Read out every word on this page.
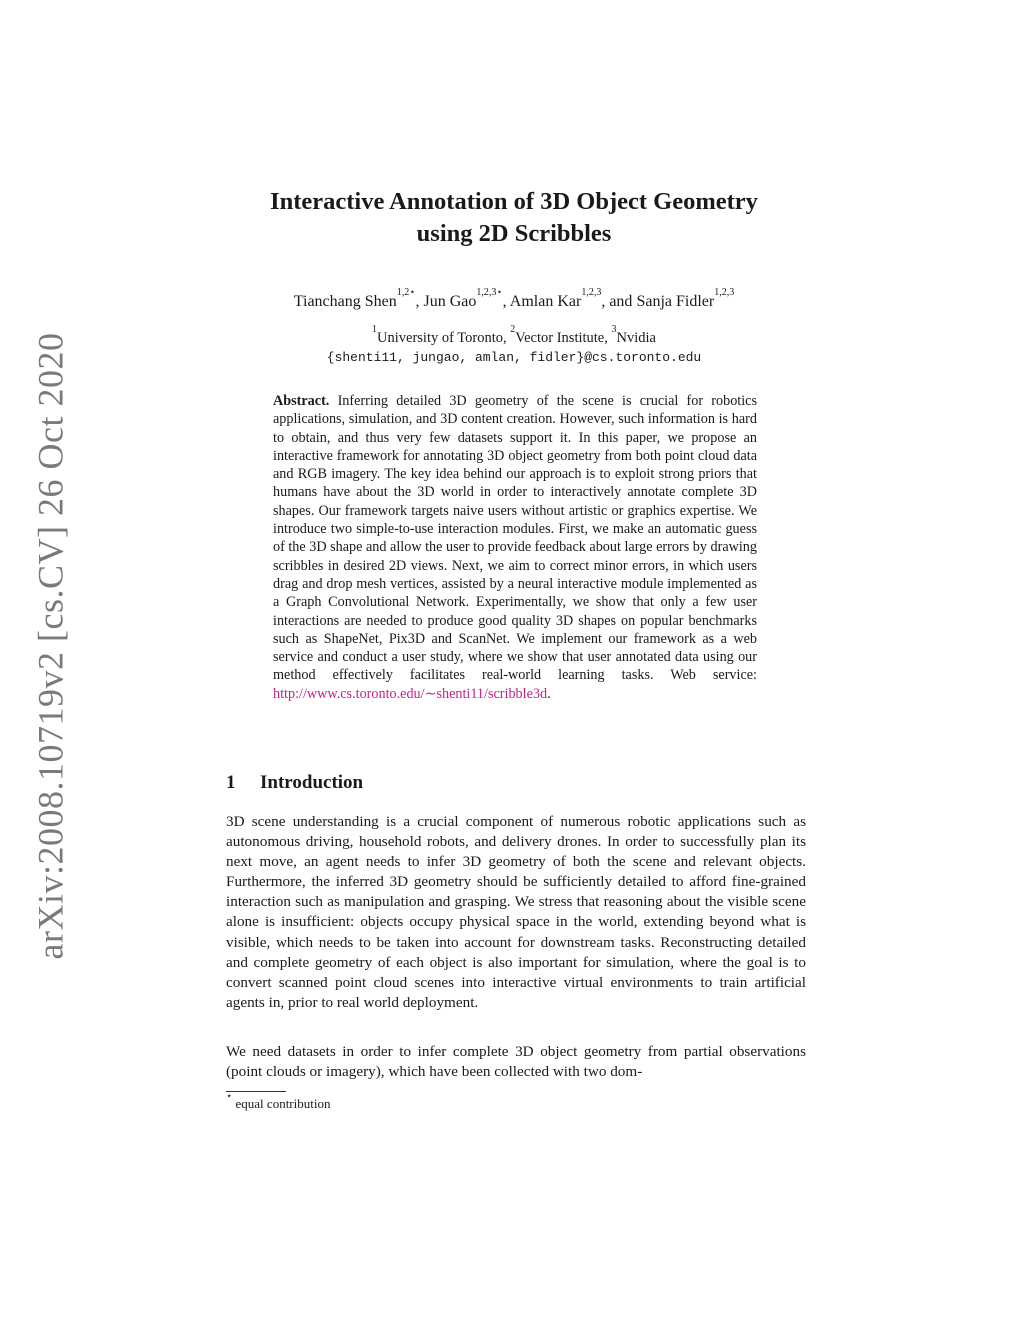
arXiv:2008.10719v2 [cs.CV] 26 Oct 2020
Interactive Annotation of 3D Object Geometry
using 2D Scribbles
Tianchang Shen$^{1,2⋆}$, Jun Gao$^{1,2,3⋆}$, Amlan Kar$^{1,2,3}$, and Sanja Fidler$^{1,2,3}$
$^1$University of Toronto, $^2$Vector Institute, $^3$Nvidia
{shenti11, jungao, amlan, fidler}@cs.toronto.edu

Abstract. Inferring detailed 3D geometry of the scene is crucial for robotics applications, simulation, and 3D content creation. However, such information is hard to obtain, and thus very few datasets support it. In this paper, we propose an interactive framework for annotating 3D object geometry from both point cloud data and RGB imagery. The key idea behind our approach is to exploit strong priors that humans have about the 3D world in order to interactively annotate complete 3D shapes. Our framework targets naive users without artistic or graphics expertise. We introduce two simple-to-use interaction modules. First, we make an automatic guess of the 3D shape and allow the user to provide feedback about large errors by drawing scribbles in desired 2D views. Next, we aim to correct minor errors, in which users drag and drop mesh vertices, assisted by a neural interactive module implemented as a Graph Convolutional Network. Experimentally, we show that only a few user interactions are needed to produce good quality 3D shapes on popular benchmarks such as ShapeNet, Pix3D and ScanNet. We implement our framework as a web service and conduct a user study, where we show that user annotated data using our method effectively facilitates real-world learning tasks. Web service: http://www.cs.toronto.edu/∼shenti11/scribble3d.

1 Introduction

3D scene understanding is a crucial component of numerous robotic applications such as autonomous driving, household robots, and delivery drones. In order to successfully plan its next move, an agent needs to infer 3D geometry of both the scene and relevant objects. Furthermore, the inferred 3D geometry should be sufficiently detailed to afford fine-grained interaction such as manipulation and grasping. We stress that reasoning about the visible scene alone is insufficient: objects occupy physical space in the world, extending beyond what is visible, which needs to be taken into account for downstream tasks. Reconstructing detailed and complete geometry of each object is also important for simulation, where the goal is to convert scanned point cloud scenes into interactive virtual environments to train artificial agents in, prior to real world deployment.

We need datasets in order to infer complete 3D object geometry from partial observations (point clouds or imagery), which have been collected with two dom-

⋆ equal contribution
